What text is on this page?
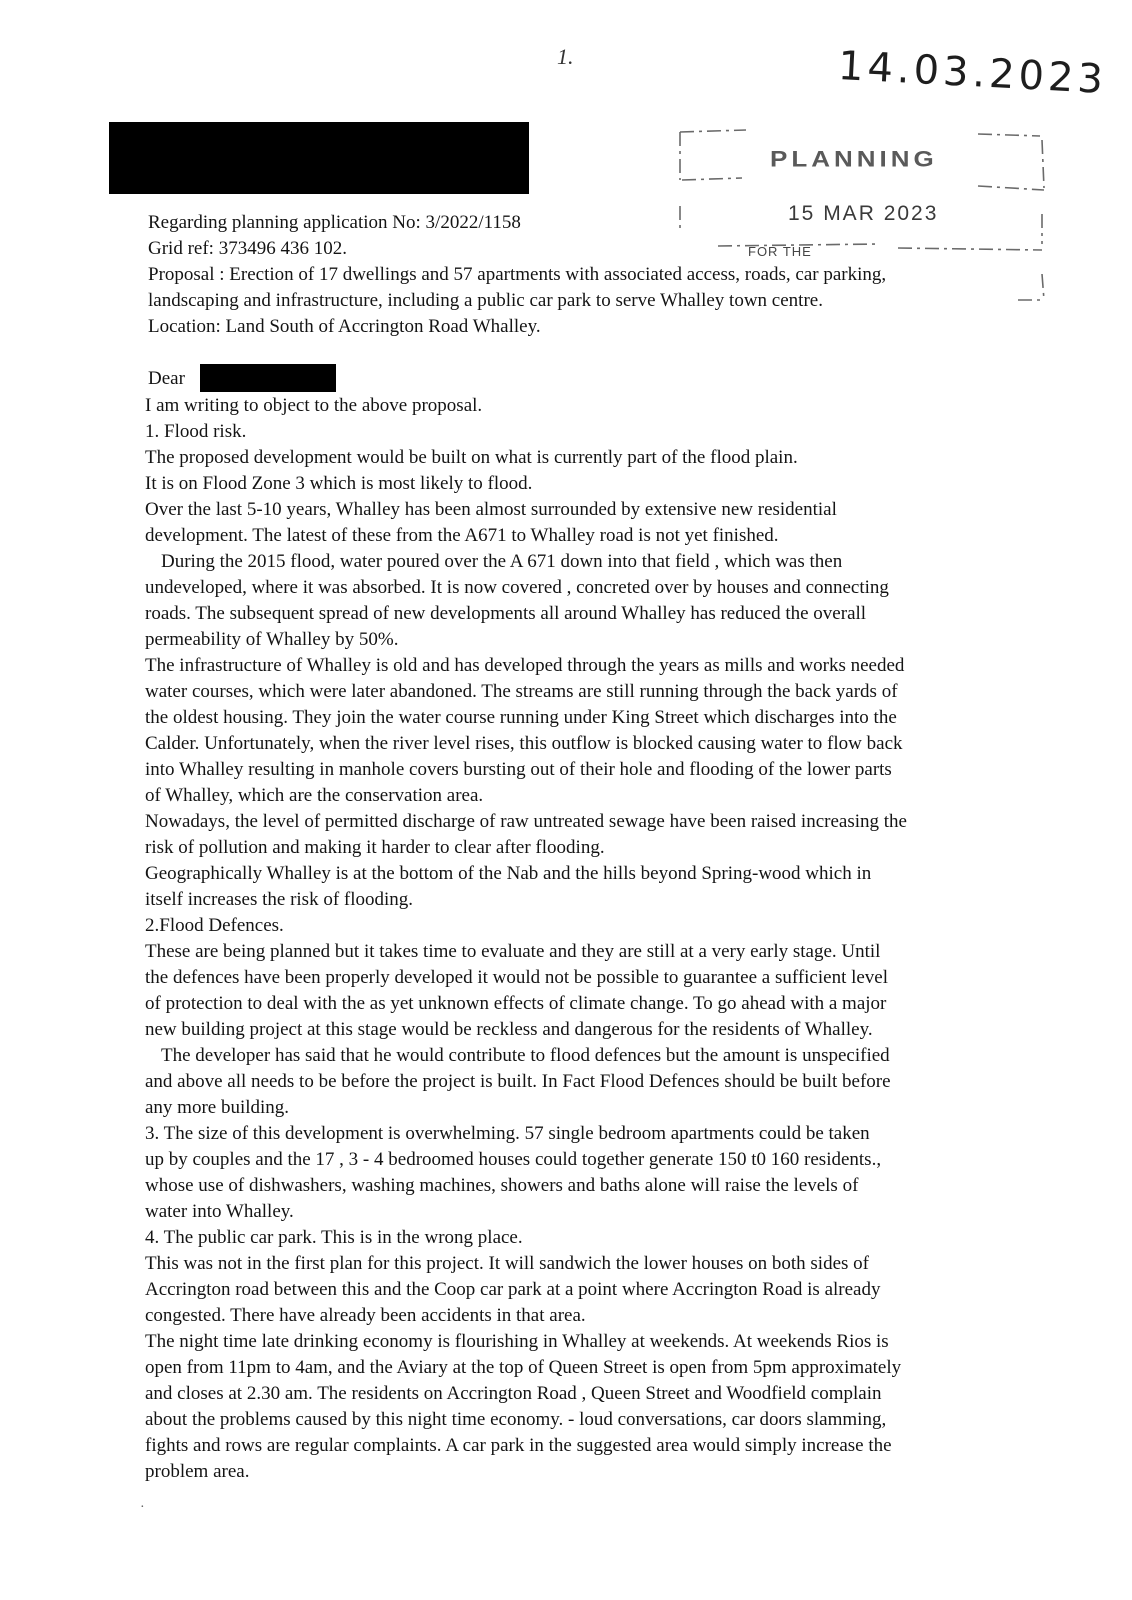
1.	14.03.2023
PLANNING
15 MAR 2023
FOR THE
Regarding planning application No: 3/2022/1158
Grid ref: 373496 436 102.
Proposal : Erection of 17 dwellings and 57 apartments with associated access, roads, car parking,
landscaping and infrastructure, including a public car park to serve Whalley town centre.
Location: Land South of Accrington Road Whalley.
Dear
I am writing to object to the above proposal.
1. Flood risk.
The proposed development would be built on what is currently part of the flood plain.
It is on Flood Zone 3 which is most likely to flood.
Over the last 5-10 years, Whalley has been almost surrounded by extensive new residential
development. The latest of these from the A671 to Whalley road is not yet finished.
During the 2015 flood, water poured over the A 671 down into that field , which was then
undeveloped, where it was absorbed. It is now covered , concreted over by houses and connecting
roads. The subsequent spread of new developments all around Whalley has reduced the overall
permeability of Whalley by 50%.
The infrastructure of Whalley is old and has developed through the years as mills and works needed
water courses, which were later abandoned. The streams are still running through the back yards of
the oldest housing. They join the water course running under King Street which discharges into the
Calder. Unfortunately, when the river level rises, this outflow is blocked causing water to flow back
into Whalley resulting in manhole covers bursting out of their hole and flooding of the lower parts
of Whalley, which are the conservation area.
Nowadays, the level of permitted discharge of raw untreated sewage have been raised increasing the
risk of pollution and making it harder to clear after flooding.
Geographically Whalley is at the bottom of the Nab and the hills beyond Spring-wood which in
itself increases the risk of flooding.
2.Flood Defences.
These are being planned but it takes time to evaluate and they are still at a very early stage. Until
the defences have been properly developed it would not be possible to guarantee a sufficient level
of protection to deal with the as yet unknown effects of climate change. To go ahead with a major
new building project at this stage would be reckless and dangerous for the residents of Whalley.
The developer has said that he would contribute to flood defences but the amount is unspecified
and above all needs to be before the project is built. In Fact Flood Defences should be built before
any more building.
3. The size of this development is overwhelming. 57 single bedroom apartments could be taken
up by couples and the 17 , 3 - 4 bedroomed houses could together generate 150 t0 160 residents.,
whose use of dishwashers, washing machines, showers and baths alone will raise the levels of
water into Whalley.
4. The public car park. This is in the wrong place.
This was not in the first plan for this project. It will sandwich the lower houses on both sides of
Accrington road between this and the Coop car park at a point where Accrington Road is already
congested. There have already been accidents in that area.
The night time late drinking economy is flourishing in Whalley at weekends. At weekends Rios is
open from 11pm to 4am, and the Aviary at the top of Queen Street is open from 5pm approximately
and closes at 2.30 am. The residents on Accrington Road , Queen Street and Woodfield complain
about the problems caused by this night time economy. - loud conversations, car doors slamming,
fights and rows are regular complaints. A car park in the suggested area would simply increase the
problem area.
·
